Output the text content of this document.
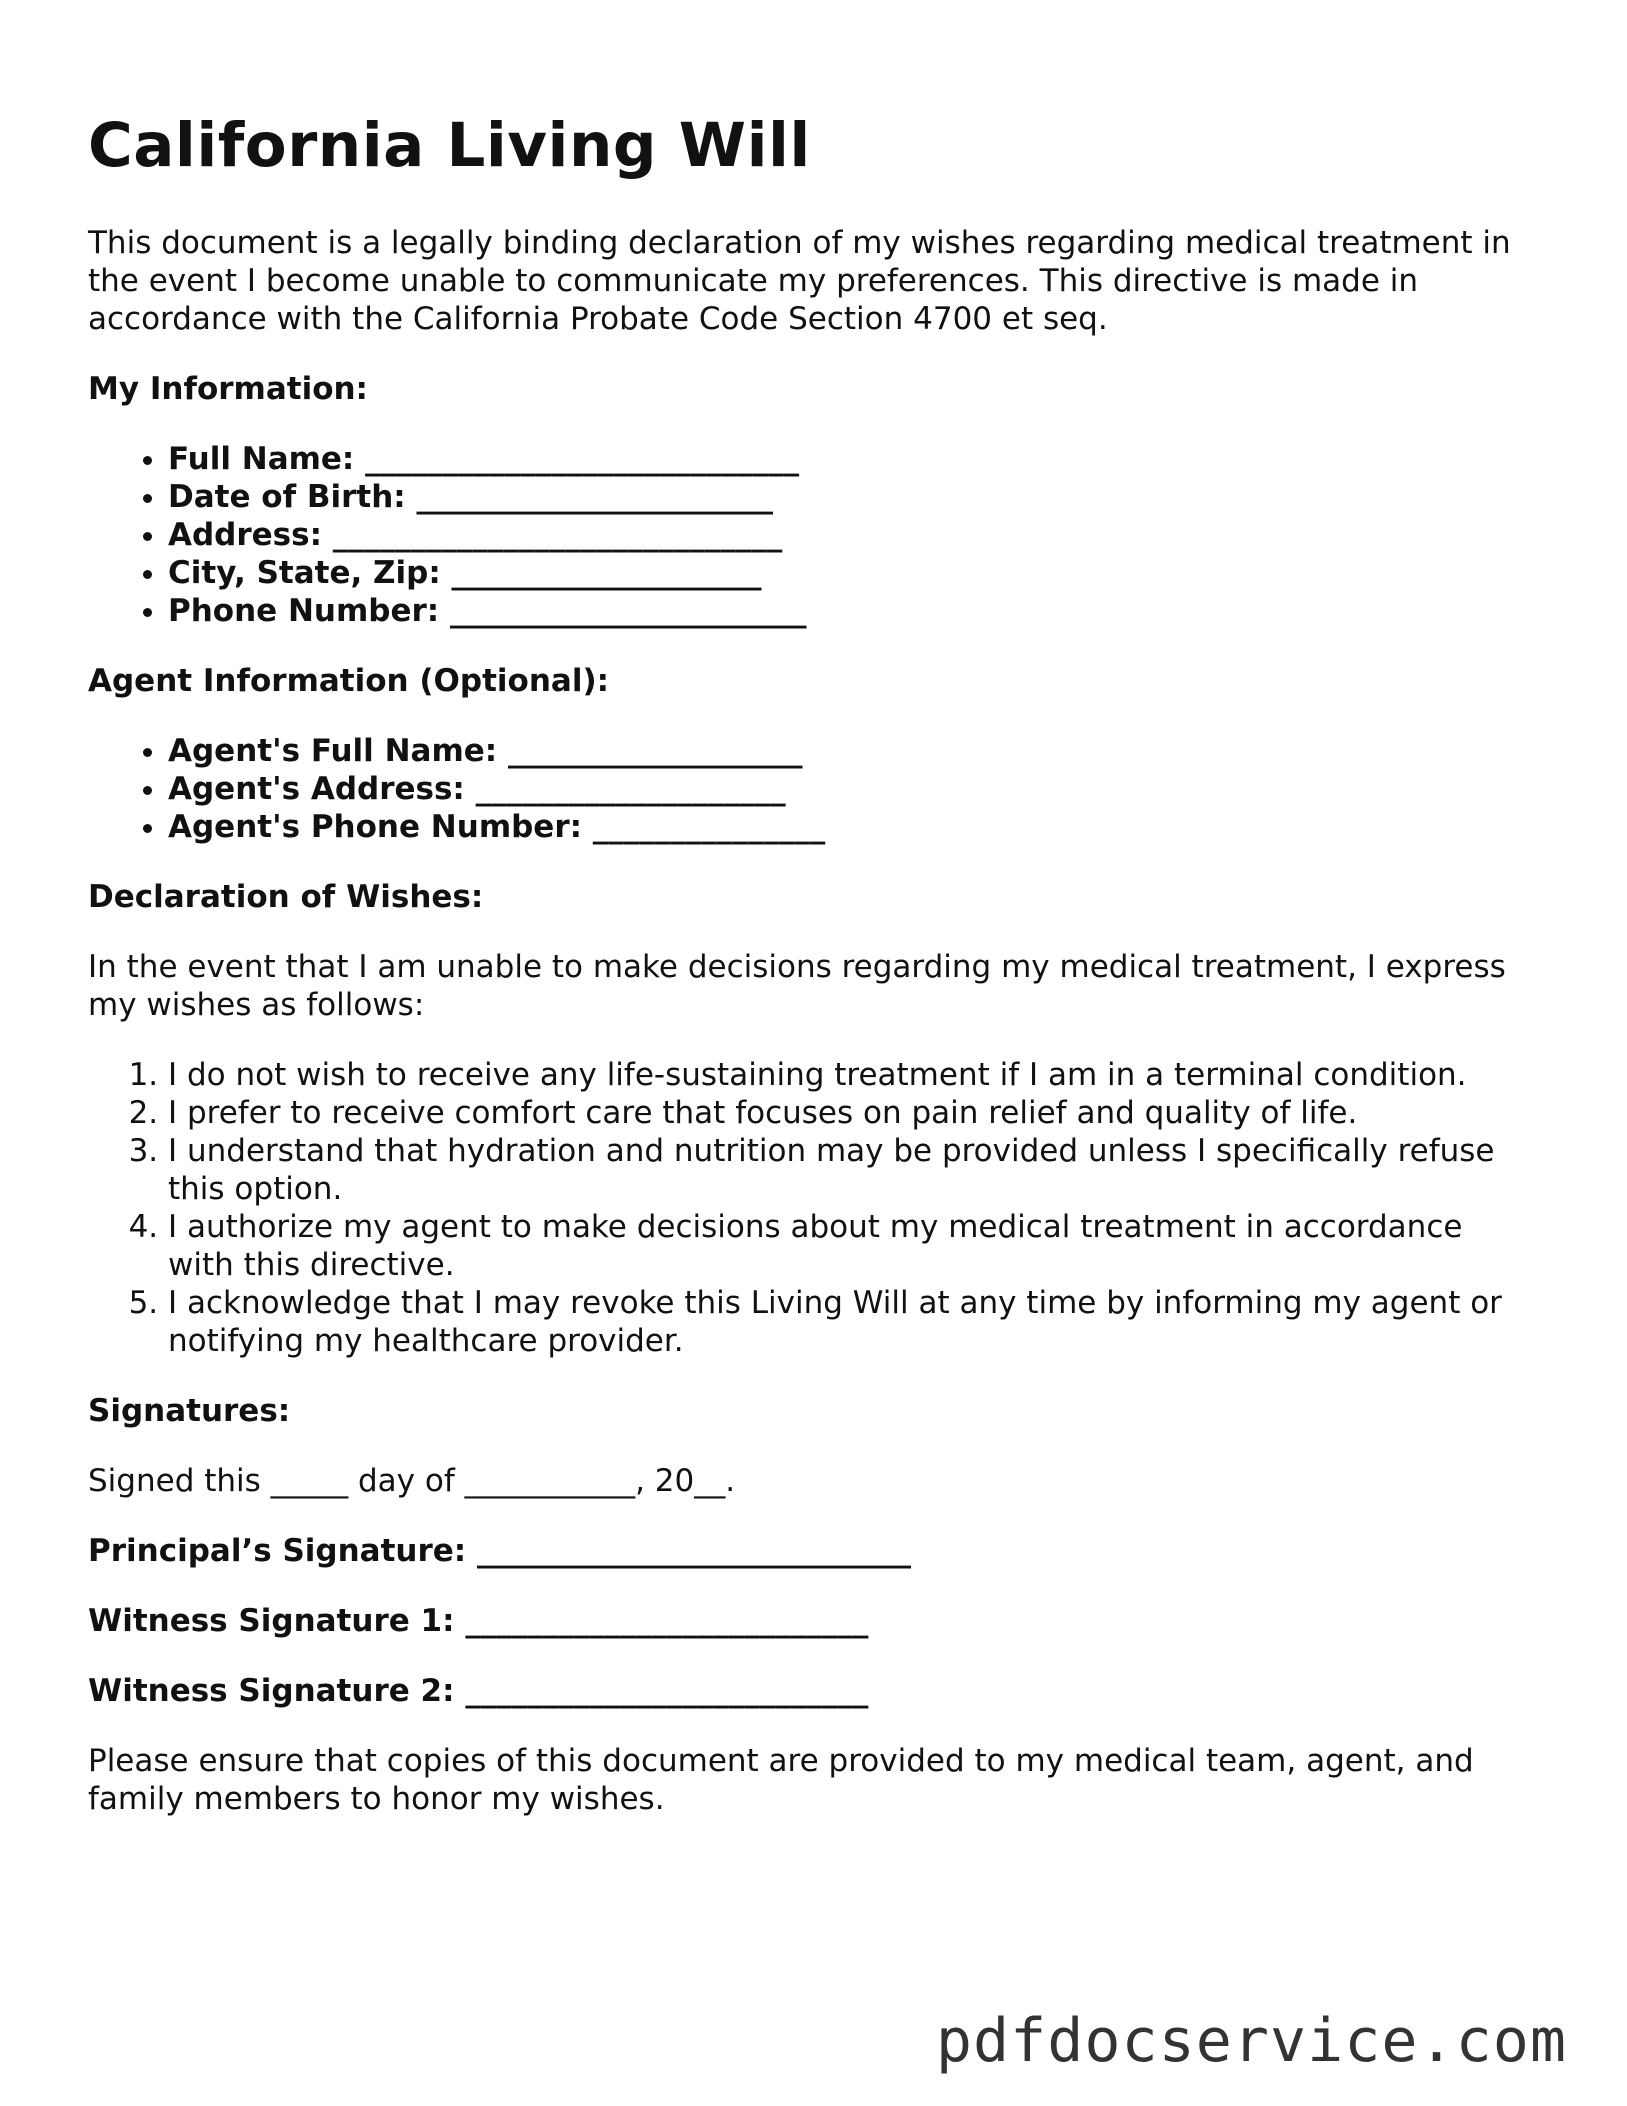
California Living Will

This document is a legally binding declaration of my wishes regarding medical treatment in the event I become unable to communicate my preferences. This directive is made in accordance with the California Probate Code Section 4700 et seq.

My Information:
• Full Name: ____________________________
• Date of Birth: _______________________
• Address: _____________________________
• City, State, Zip: ____________________
• Phone Number: _______________________
Agent Information (Optional):
• Agent's Full Name: ___________________
• Agent's Address: ____________________
• Agent's Phone Number: _______________
Declaration of Wishes:

In the event that I am unable to make decisions regarding my medical treatment, I express my wishes as follows:

1. I do not wish to receive any life-sustaining treatment if I am in a terminal condition.
2. I prefer to receive comfort care that focuses on pain relief and quality of life.
3. I understand that hydration and nutrition may be provided unless I specifically refuse this option.
4. I authorize my agent to make decisions about my medical treatment in accordance with this directive.
5. I acknowledge that I may revoke this Living Will at any time by informing my agent or notifying my healthcare provider.
Signatures:

Signed this _____ day of ___________, 20__.

Principal’s Signature: ____________________________
Witness Signature 1: __________________________
Witness Signature 2: __________________________

Please ensure that copies of this document are provided to my medical team, agent, and family members to honor my wishes.

pdfdocservice.com
